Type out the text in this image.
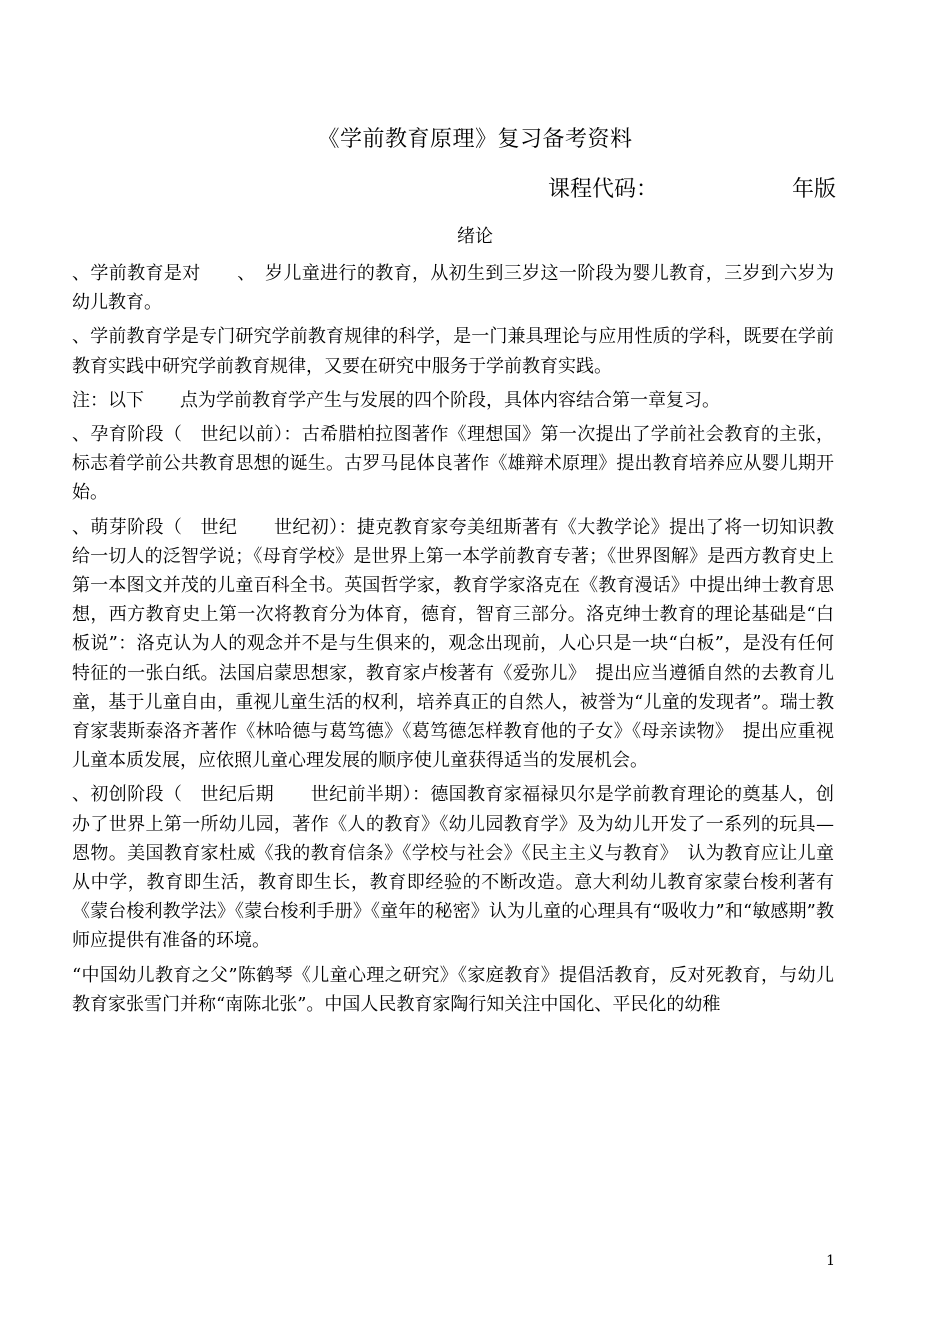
《学前教育原理》复习备考资料
课程代码：	年版
绪论

、学前教育是对　　、　岁儿童进行的教育，从初生到三岁这一阶段为婴儿教育，三岁到六岁为幼儿教育。

、学前教育学是专门研究学前教育规律的科学，是一门兼具理论与应用性质的学科，既要在学前教育实践中研究学前教育规律，又要在研究中服务于学前教育实践。

注：以下　　点为学前教育学产生与发展的四个阶段，具体内容结合第一章复习。

、孕育阶段（　世纪以前）：古希腊柏拉图著作《理想国》第一次提出了学前社会教育的主张，标志着学前公共教育思想的诞生。古罗马昆体良著作《雄辩术原理》提出教育培养应从婴儿期开始。

、萌芽阶段（　世纪　　世纪初）：捷克教育家夸美纽斯著有《大教学论》提出了将一切知识教给一切人的泛智学说；《母育学校》是世界上第一本学前教育专著；《世界图解》是西方教育史上第一本图文并茂的儿童百科全书。英国哲学家，教育学家洛克在《教育漫话》中提出绅士教育思想，西方教育史上第一次将教育分为体育，德育，智育三部分。洛克绅士教育的理论基础是“白板说”：洛克认为人的观念并不是与生俱来的，观念出现前，人心只是一块“白板”，是没有任何特征的一张白纸。法国启蒙思想家，教育家卢梭著有《爱弥儿》　提出应当遵循自然的去教育儿童，基于儿童自由，重视儿童生活的权利，培养真正的自然人，被誉为“儿童的发现者”。瑞士教育家裴斯泰洛齐著作《林哈德与葛笃德》《葛笃德怎样教育他的子女》《母亲读物》　提出应重视儿童本质发展，应依照儿童心理发展的顺序使儿童获得适当的发展机会。

、初创阶段（　世纪后期　　世纪前半期）：德国教育家福禄贝尔是学前教育理论的奠基人，创办了世界上第一所幼儿园，著作《人的教育》《幼儿园教育学》及为幼儿开发了一系列的玩具—恩物。美国教育家杜威《我的教育信条》《学校与社会》《民主主义与教育》　认为教育应让儿童从中学，教育即生活，教育即生长，教育即经验的不断改造。意大利幼儿教育家蒙台梭利著有《蒙台梭利教学法》《蒙台梭利手册》《童年的秘密》认为儿童的心理具有“吸收力”和“敏感期”教师应提供有准备的环境。

“中国幼儿教育之父”陈鹤琴《儿童心理之研究》《家庭教育》提倡活教育，反对死教育，与幼儿教育家张雪门并称“南陈北张”。中国人民教育家陶行知关注中国化、平民化的幼稚

1
